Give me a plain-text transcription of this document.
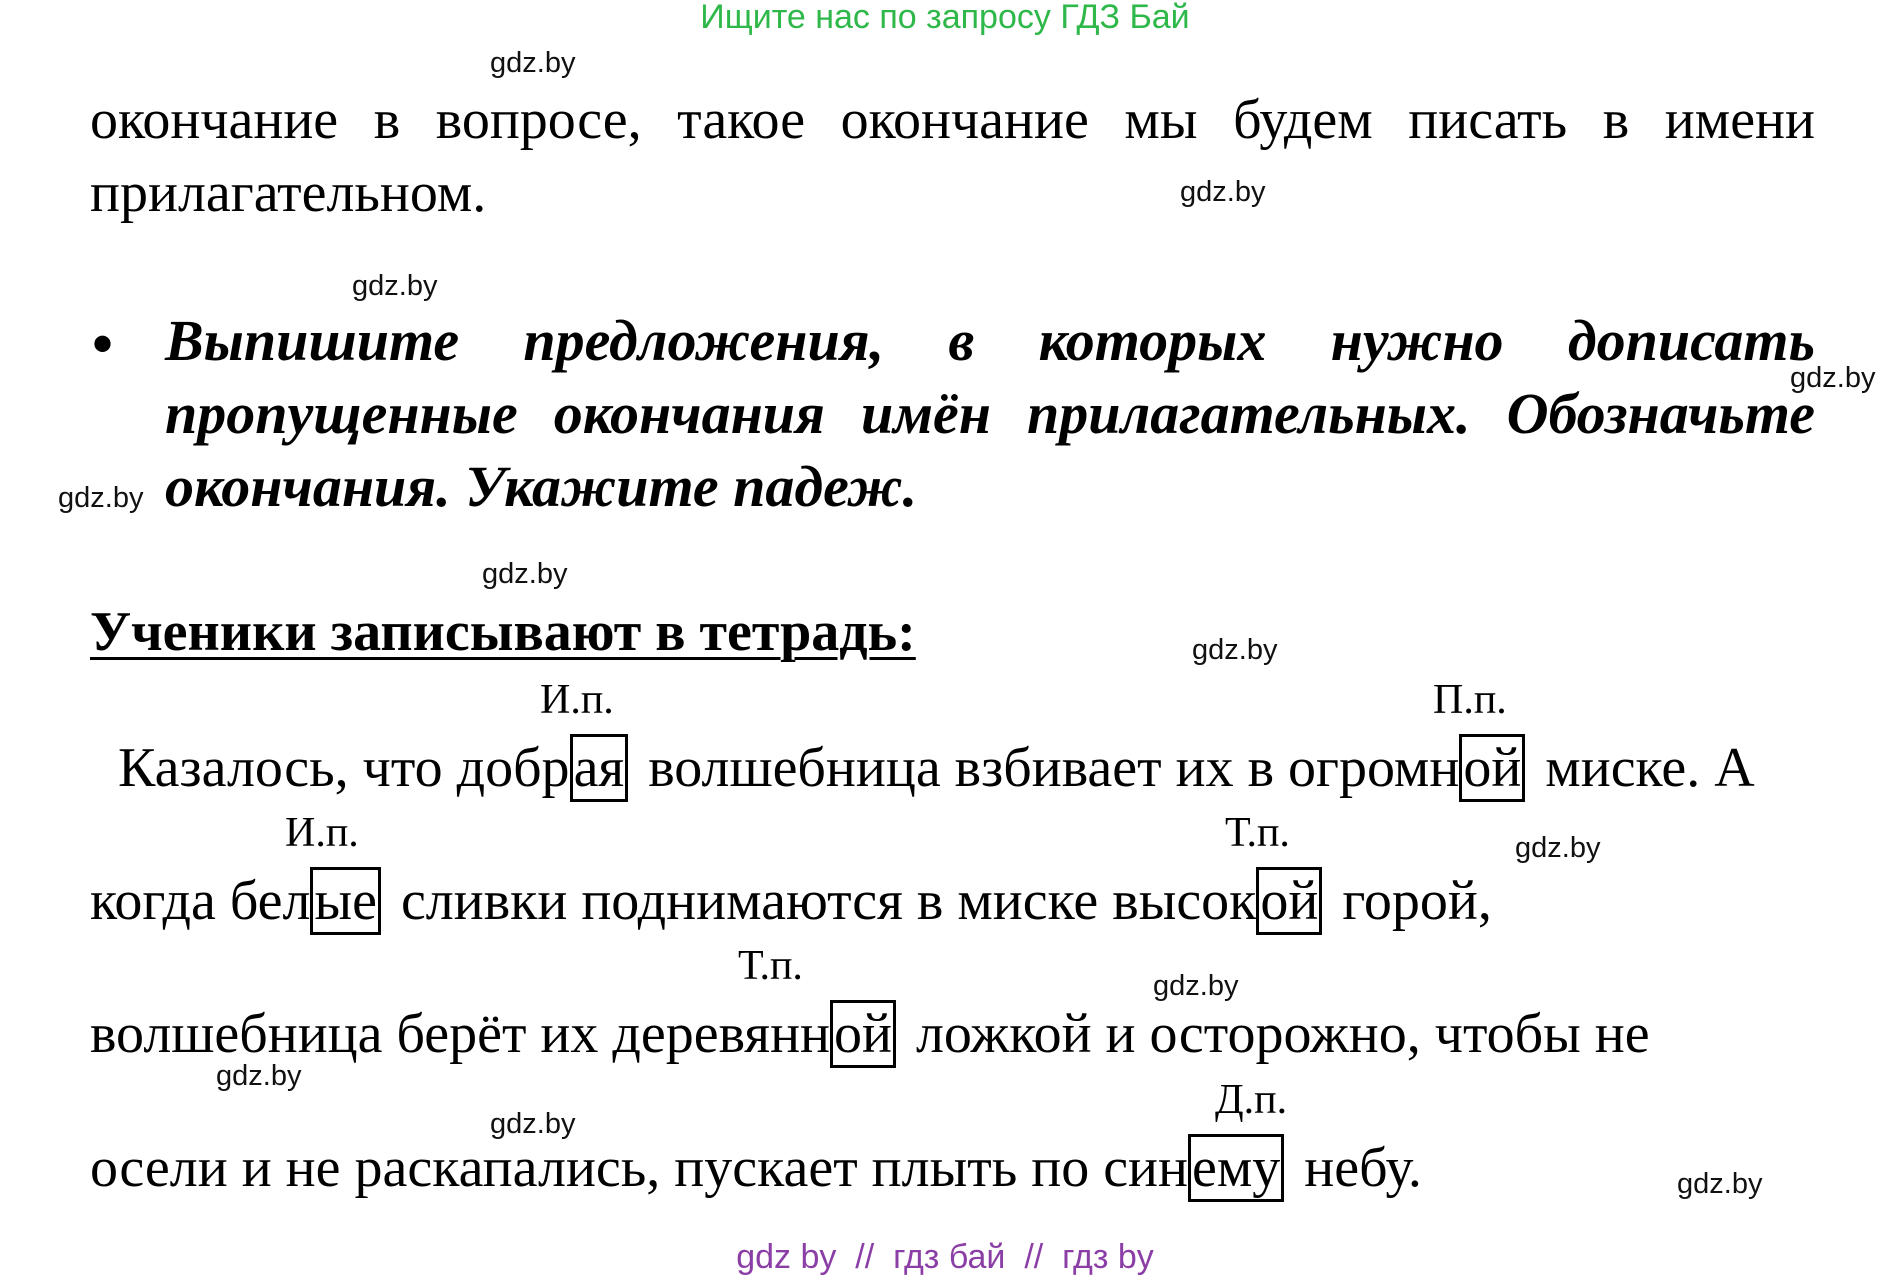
Ищите нас по запросу ГДЗ Бай
gdz.by
gdz.by
gdz.by
gdz.by
gdz.by
gdz.by
gdz.by
gdz.by
gdz.by
gdz.by
gdz.by
gdz.by
окончание в вопросе, такое окончание мы будем писать в имени
прилагательном.
• Выпишите предложения, в которых нужно дописать
пропущенные окончания имён прилагательных. Обозначьте
окончания. Укажите падеж.
Ученики записывают в тетрадь:
И.п.	П.п.
И.п.	Т.п.
Т.п.
Д.п.
Казалось, что добрая волшебница взбивает их в огромной миске. А
когда белые сливки поднимаются в миске высокой горой,
волшебница берёт их деревянной ложкой и осторожно, чтобы не
осели и не раскапались, пускает плыть по синему небу.
gdz by  //  гдз бай  //  гдз by
